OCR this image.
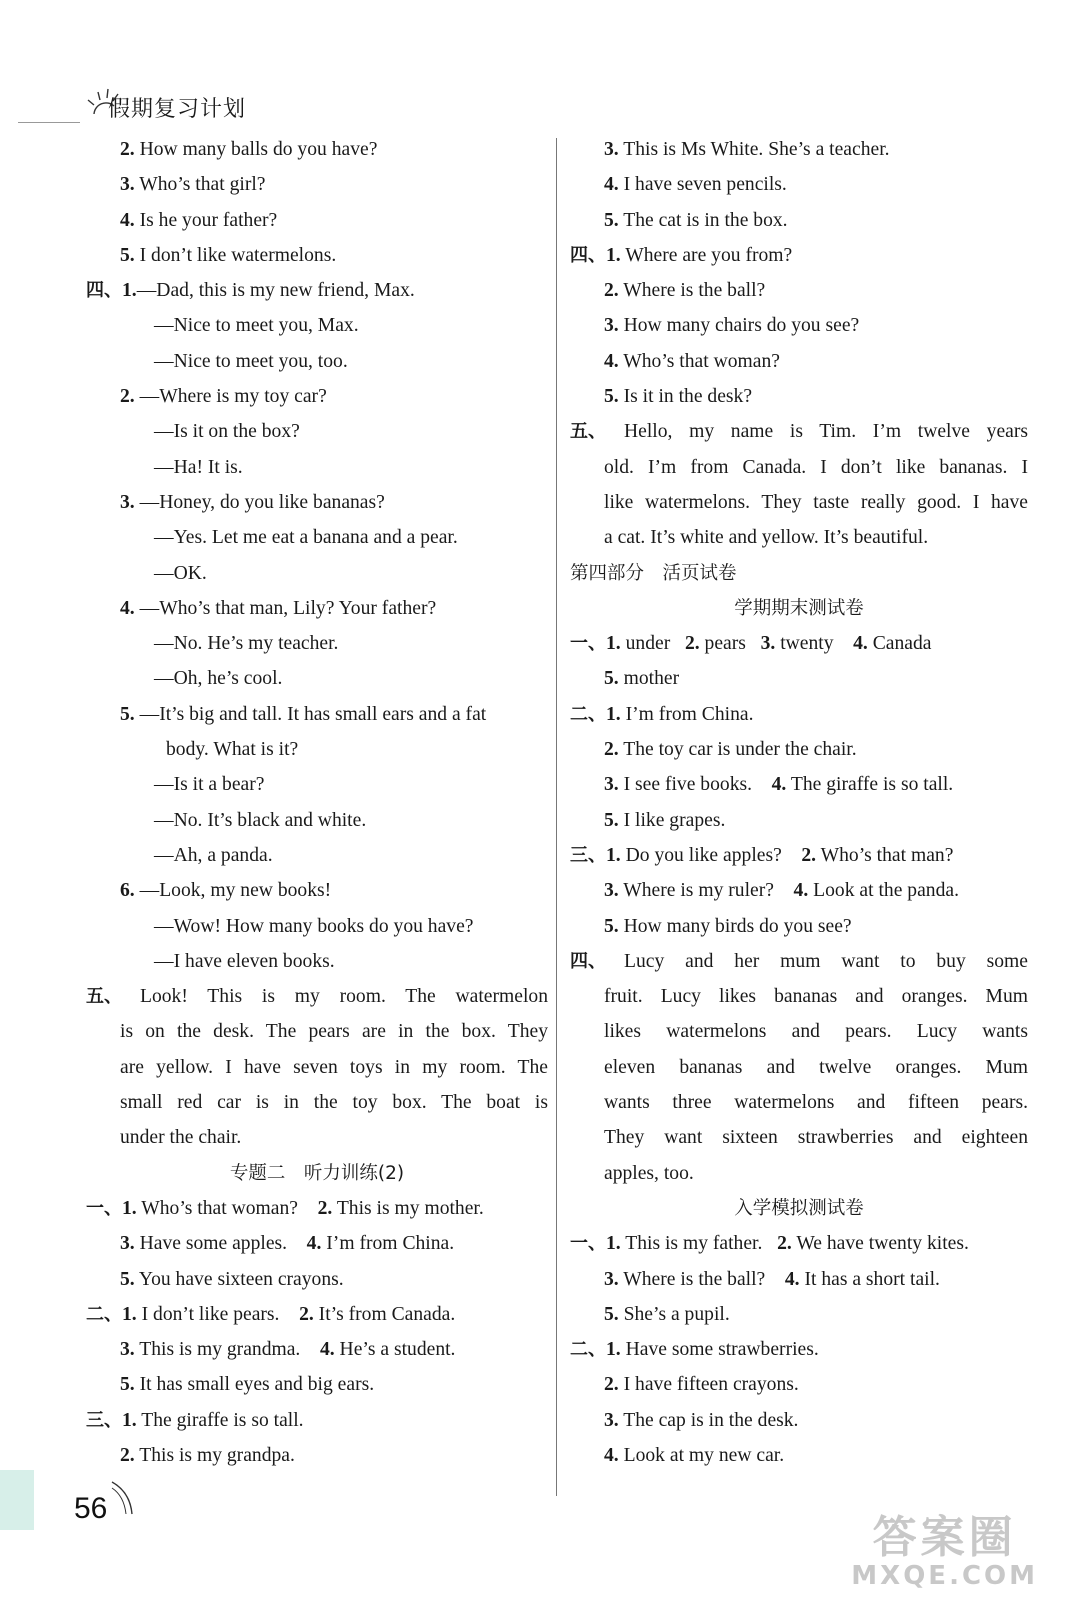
假期复习计划
2. How many balls do you have?
3. Who’s that girl?
4. Is he your father?
5. I don’t like watermelons.
四、1.—Dad, this is my new friend, Max.
—Nice to meet you, Max.
—Nice to meet you, too.
2. —Where is my toy car?
—Is it on the box?
—Ha! It is.
3. —Honey, do you like bananas?
—Yes. Let me eat a banana and a pear.
—OK.
4. —Who’s that man, Lily? Your father?
—No. He’s my teacher.
—Oh, he’s cool.
5. —It’s big and tall. It has small ears and a fat
body. What is it?
—Is it a bear?
—No. It’s black and white.
—Ah, a panda.
6. —Look, my new books!
—Wow! How many books do you have?
—I have eleven books.
五、 Look! This is my room. The watermelon
is on the desk. The pears are in the box. They
are yellow. I have seven toys in my room. The
small red car is in the toy box. The boat is
under the chair.
专题二　听力训练(2)
一、1. Who’s that woman? 2. This is my mother.
3. Have some apples. 4. I’m from China.
5. You have sixteen crayons.
二、1. I don’t like pears. 2. It’s from Canada.
3. This is my grandma. 4. He’s a student.
5. It has small eyes and big ears.
三、1. The giraffe is so tall.
2. This is my grandpa.
3. This is Ms White. She’s a teacher.
4. I have seven pencils.
5. The cat is in the box.
四、1. Where are you from?
2. Where is the ball?
3. How many chairs do you see?
4. Who’s that woman?
5. Is it in the desk?
五、 Hello, my name is Tim. I’m twelve years
old. I’m from Canada. I don’t like bananas. I
like watermelons. They taste really good. I have
a cat. It’s white and yellow. It’s beautiful.
第四部分　活页试卷
学期期末测试卷
一、1. under 2. pears 3. twenty 4. Canada
5. mother
二、1. I’m from China.
2. The toy car is under the chair.
3. I see five books. 4. The giraffe is so tall.
5. I like grapes.
三、1. Do you like apples? 2. Who’s that man?
3. Where is my ruler? 4. Look at the panda.
5. How many birds do you see?
四、 Lucy and her mum want to buy some
fruit. Lucy likes bananas and oranges. Mum
likes watermelons and pears. Lucy wants
eleven bananas and twelve oranges. Mum
wants three watermelons and fifteen pears.
They want sixteen strawberries and eighteen
apples, too.
入学模拟测试卷
一、1. This is my father. 2. We have twenty kites.
3. Where is the ball? 4. It has a short tail.
5. She’s a pupil.
二、1. Have some strawberries.
2. I have fifteen crayons.
3. The cap is in the desk.
4. Look at my new car.
56
答案圈
MXQE.COM
